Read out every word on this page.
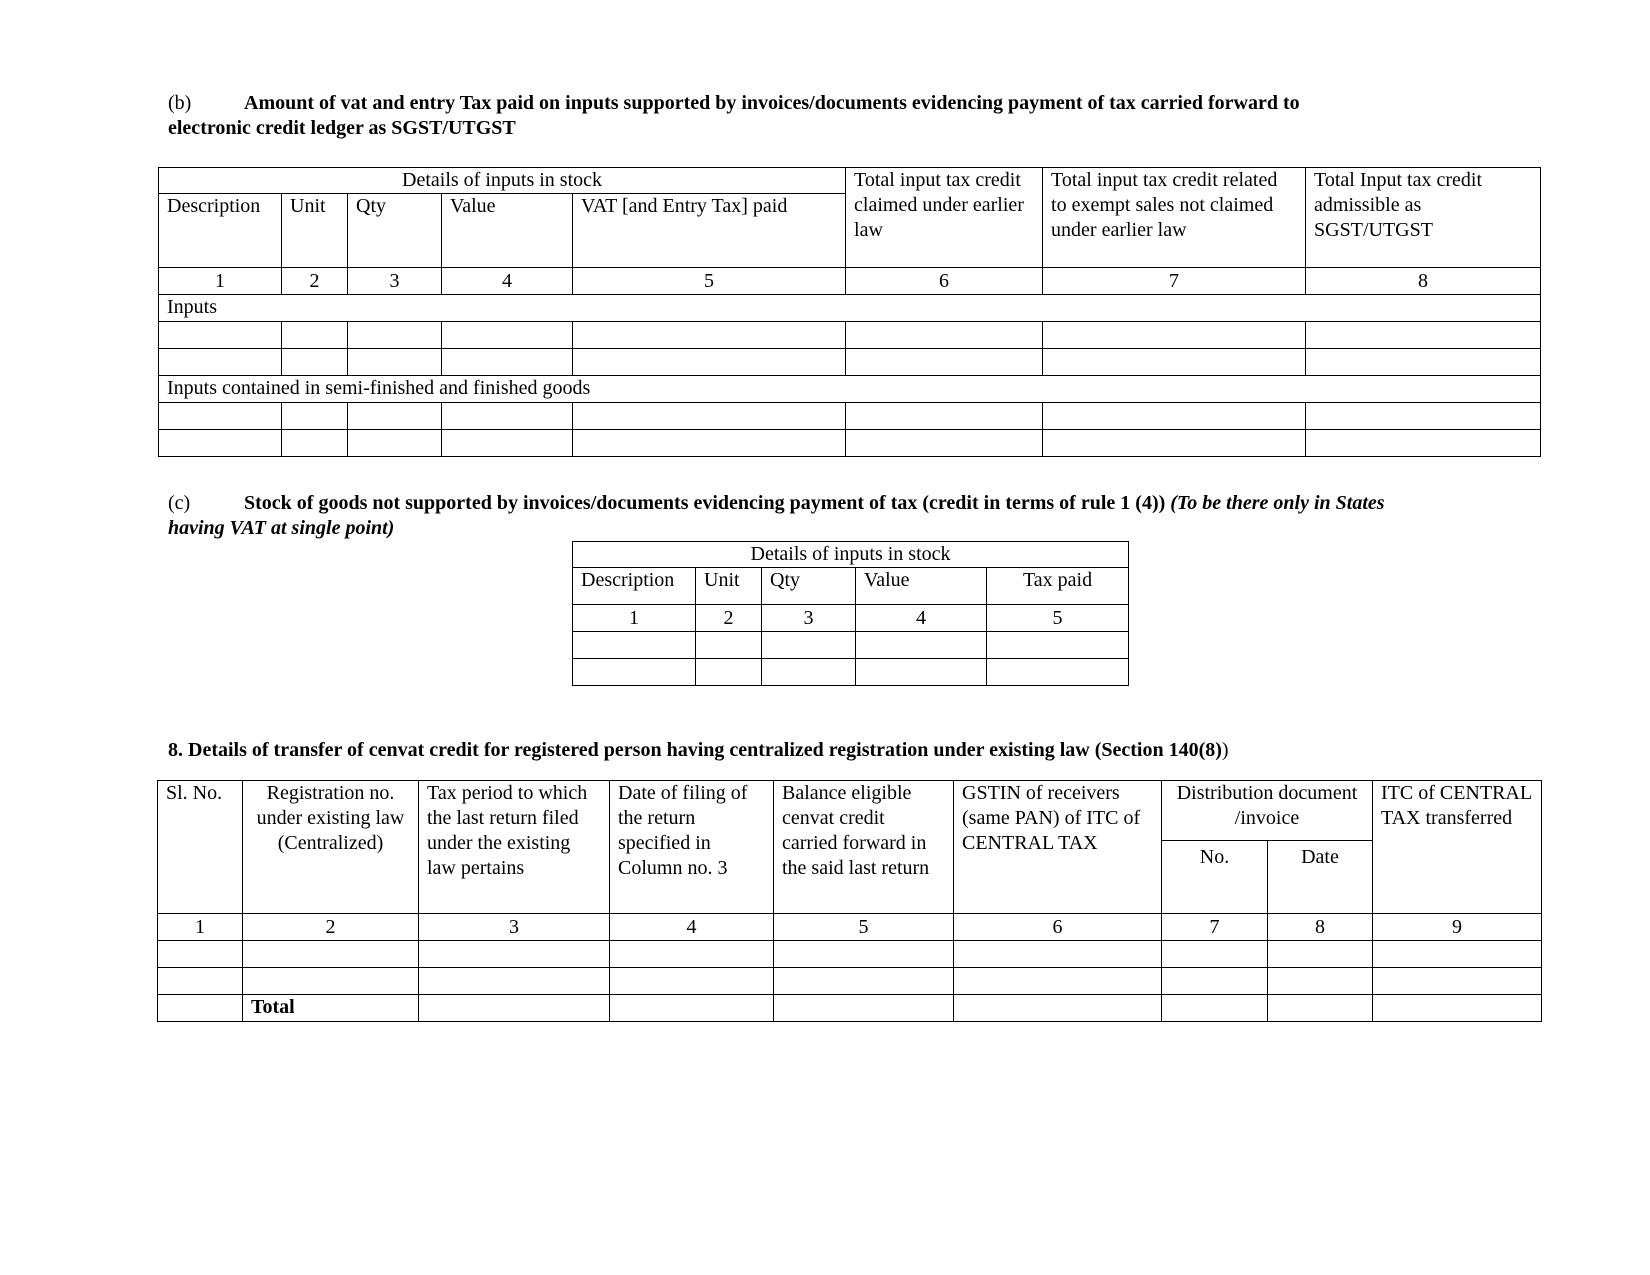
(b)	Amount of vat and entry Tax paid on inputs supported by invoices/documents evidencing payment of tax carried forward to
electronic credit ledger as SGST/UTGST
Details of inputs in stock					Total input tax credit claimed under earlier law	Total input tax credit related to exempt sales not claimed under earlier law	Total Input tax credit admissible as SGST/UTGST
Description	Unit	Qty	Value	VAT [and Entry Tax] paid			
1	2	3	4	5	6	7	8
Inputs							

Inputs contained in semi-finished and finished goods							

(c)	Stock of goods not supported by invoices/documents evidencing payment of tax (credit in terms of rule 1 (4)) (To be there only in States
having VAT at single point)
Details of inputs in stock				
Description	Unit	Qty	Value	Tax paid
1	2	3	4	5

8. Details of transfer of cenvat credit for registered person having centralized registration under existing law (Section 140(8))
Sl. No.	Registration no. under existing law (Centralized)	Tax period to which the last return filed under the existing law pertains	Date of filing of the return specified in Column no. 3	Balance eligible cenvat credit carried forward in the said last return	GSTIN of receivers (same PAN) of ITC of CENTRAL TAX	Distribution document /invoice		ITC of CENTRAL TAX transferred
						No.	Date	
1	2	3	4	5	6	7	8	9

	Total							
